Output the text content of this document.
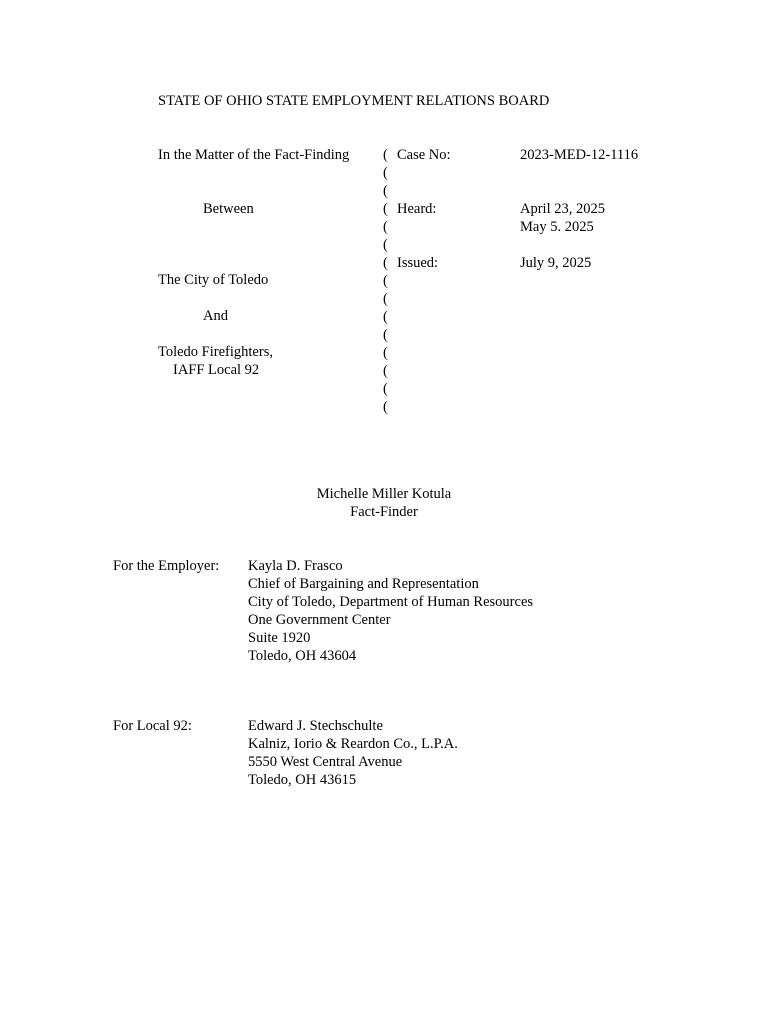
STATE OF OHIO STATE EMPLOYMENT RELATIONS BOARD
In the Matter of the Fact-Finding
Between
The City of Toledo
And
Toledo Firefighters,
IAFF Local 92
(
(
(
(
(
(
(
(
(
(
(
(
(
(
(
Case No:	2023-MED-12-1116
Heard:	April 23, 2025
May 5. 2025
Issued:	July 9, 2025
Michelle Miller Kotula
Fact-Finder
For the Employer: Kayla D. Frasco
Chief of Bargaining and Representation
City of Toledo, Department of Human Resources
One Government Center
Suite 1920
Toledo, OH 43604
For Local 92:	Edward J. Stechschulte
Kalniz, Iorio & Reardon Co., L.P.A.
5550 West Central Avenue
Toledo, OH 43615
